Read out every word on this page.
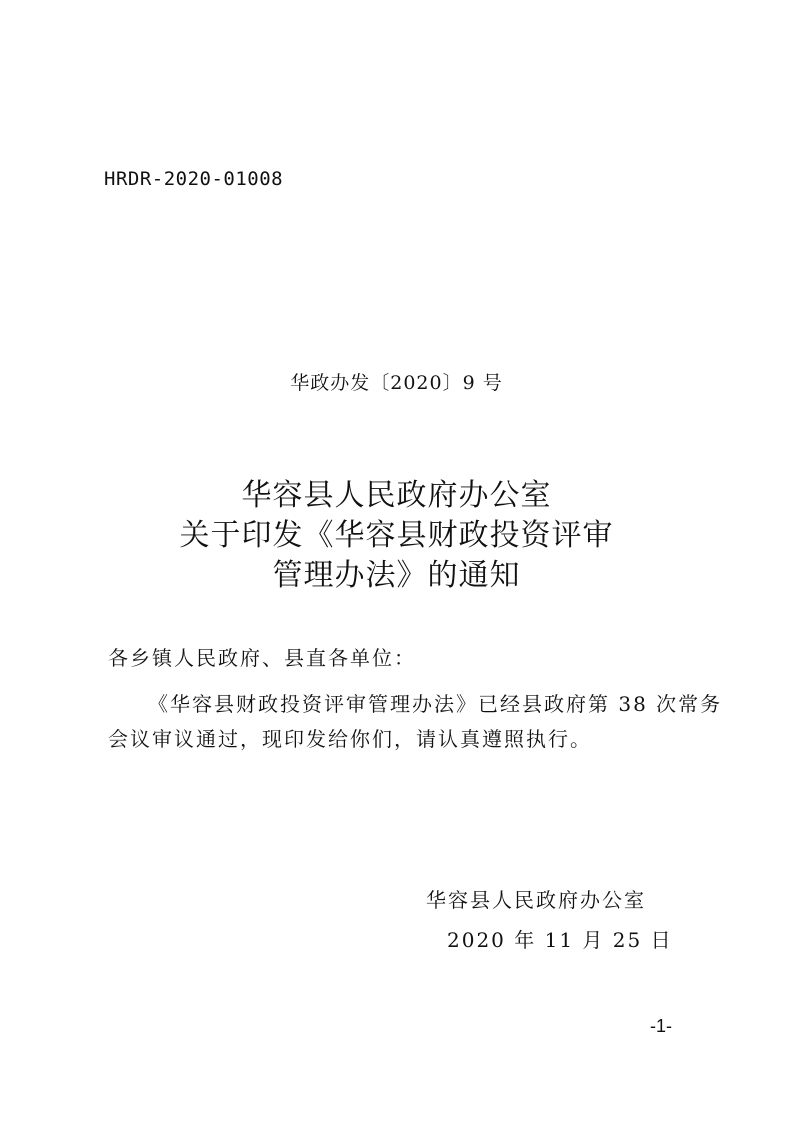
HRDR-2020-01008
华政办发〔2020〕9 号
华容县人民政府办公室
关于印发《华容县财政投资评审
管理办法》的通知
各乡镇人民政府、县直各单位：
《华容县财政投资评审管理办法》已经县政府第 38 次常务
会议审议通过，现印发给你们，请认真遵照执行。
华容县人民政府办公室
2020 年 11 月 25 日
-1-
